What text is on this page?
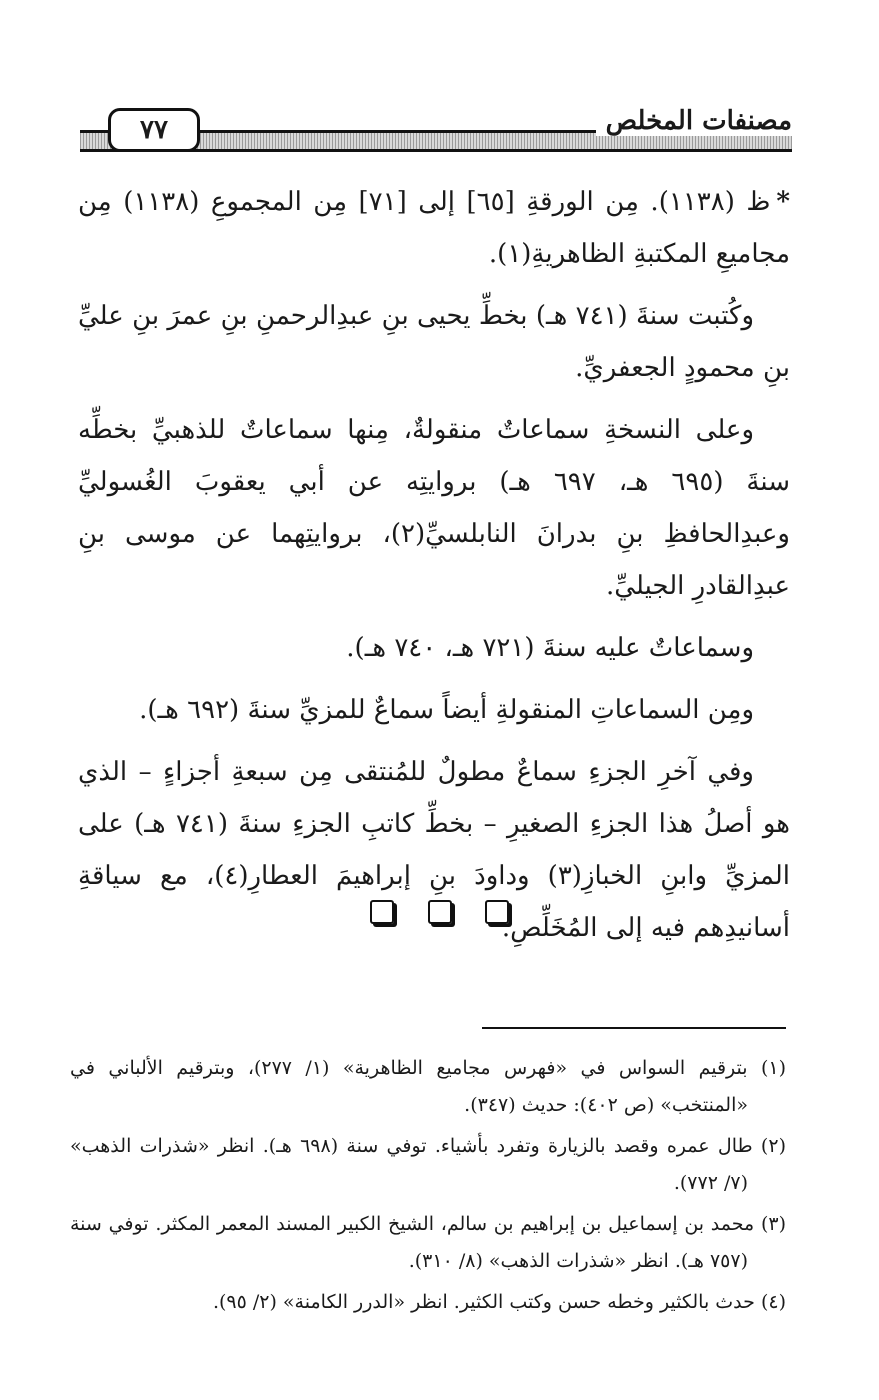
مصنفات المخلص
٧٧

*ظ (١١٣٨). مِن الورقةِ [٦٥] إلى [٧١] مِن المجموعِ (١١٣٨) مِن مجاميعِ المكتبةِ الظاهريةِ(١).

وكُتبت سنةَ (٧٤١ هـ) بخطِّ يحيى بنِ عبدِالرحمنِ بنِ عمرَ بنِ عليِّ بنِ محمودٍ الجعفريِّ.

وعلى النسخةِ سماعاتٌ منقولةٌ، مِنها سماعاتٌ للذهبيِّ بخطِّه سنةَ (٦٩٥ هـ، ٦٩٧ هـ) بروايتِه عن أبي يعقوبَ الغُسوليِّ وعبدِالحافظِ بنِ بدرانَ النابلسيِّ(٢)، بروايتِهما عن موسى بنِ عبدِالقادرِ الجيليِّ.

وسماعاتٌ عليه سنةَ (٧٢١ هـ، ٧٤٠ هـ).

ومِن السماعاتِ المنقولةِ أيضاً سماعٌ للمزيِّ سنةَ (٦٩٢ هـ).

وفي آخرِ الجزءِ سماعٌ مطولٌ للمُنتقى مِن سبعةِ أجزاءٍ – الذي هو أصلُ هذا الجزءِ الصغيرِ – بخطِّ كاتبِ الجزءِ سنةَ (٧٤١ هـ) على المزيِّ وابنِ الخبازِ(٣) وداودَ بنِ إبراهيمَ العطارِ(٤)، مع سياقةِ أسانيدِهم فيه إلى المُخَلِّصِ.

(١) بترقيم السواس في «فهرس مجاميع الظاهرية» (١/ ٢٧٧)، وبترقيم الألباني في «المنتخب» (ص ٤٠٢): حديث (٣٤٧).

(٢) طال عمره وقصد بالزيارة وتفرد بأشياء. توفي سنة (٦٩٨ هـ). انظر «شذرات الذهب» (٧/ ٧٧٢).

(٣) محمد بن إسماعيل بن إبراهيم بن سالم، الشيخ الكبير المسند المعمر المكثر. توفي سنة (٧٥٧ هـ). انظر «شذرات الذهب» (٨/ ٣١٠).

(٤) حدث بالكثير وخطه حسن وكتب الكثير. انظر «الدرر الكامنة» (٢/ ٩٥).
